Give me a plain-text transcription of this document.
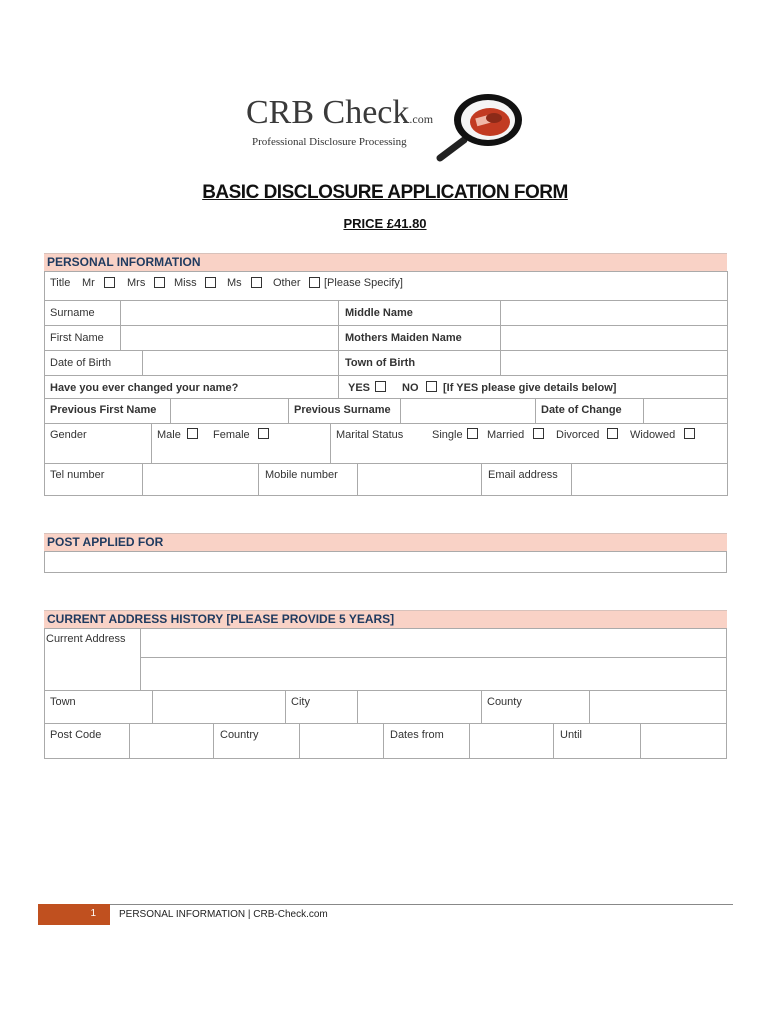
CRB Check.com
Professional Disclosure Processing
BASIC DISCLOSURE APPLICATION FORM
PRICE £41.80
PERSONAL INFORMATION
Title Mr	Mrs	Miss	Ms	Other [Please Specify]
Surname	Middle Name
First Name	Mothers Maiden Name
Date of Birth	Town of Birth
Have you ever changed your name?	YES	NO [If YES please give details below]
Previous First Name	Previous Surname	Date of Change
Gender	Male	Female	Marital Status	Single Married	Divorced	Widowed
Tel number	Mobile number	Email address
POST APPLIED FOR
CURRENT ADDRESS HISTORY [PLEASE PROVIDE 5 YEARS]
Current Address
Town	City	County
Post Code	Country	Dates from	Until
1 PERSONAL INFORMATION | CRB-Check.com
